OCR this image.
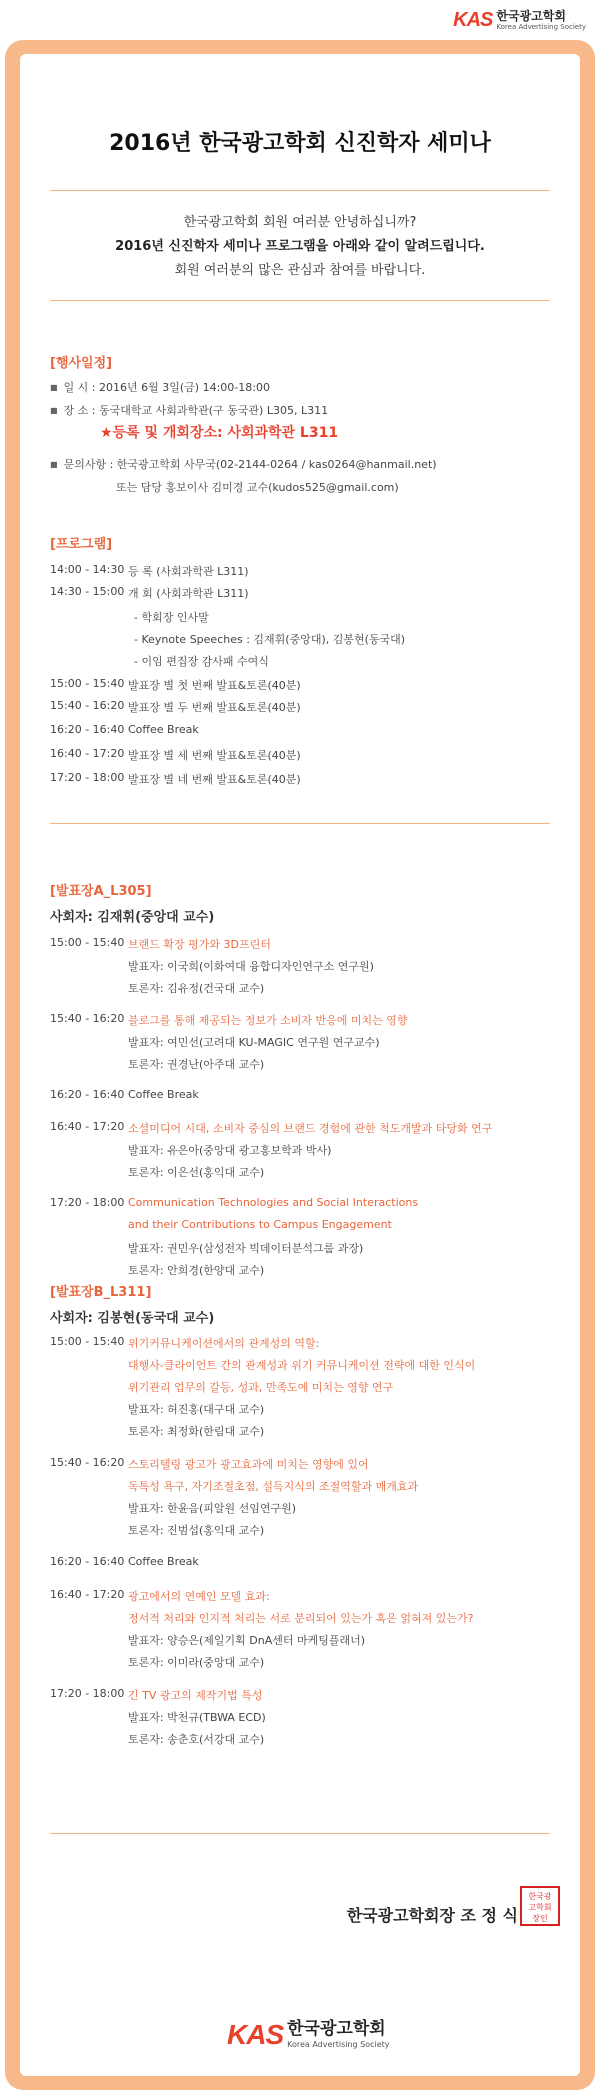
KAS 한국광고학회
Korea Advertising Society
2016년 한국광고학회 신진학자 세미나
한국광고학회 회원 여러분 안녕하십니까?
2016년 신진학자 세미나 프로그램을 아래와 같이 알려드립니다.
회원 여러분의 많은 관심과 참여를 바랍니다.
[행사일정]
■ 일 시 : 2016년 6월 3일(금) 14:00-18:00
■ 장 소 : 동국대학교 사회과학관(구 동국관) L305, L311
★등록 및 개회장소: 사회과학관 L311
■ 문의사항 : 한국광고학회 사무국(02-2144-0264 / kas0264@hanmail.net)
또는 담당 홍보이사 김미경 교수(kudos525@gmail.com)
[프로그램]
14:00 - 14:30 등 록 (사회과학관 L311)
14:30 - 15:00 개 회 (사회과학관 L311)
- 학회장 인사말
- Keynote Speeches : 김재휘(중앙대), 김봉현(동국대)
- 이임 편집장 감사패 수여식
15:00 - 15:40 발표장 별 첫 번째 발표&토론(40분)
15:40 - 16:20 발표장 별 두 번째 발표&토론(40분)
16:20 - 16:40 Coffee Break
16:40 - 17:20 발표장 별 세 번째 발표&토론(40분)
17:20 - 18:00 발표장 별 네 번째 발표&토론(40분)
[발표장A_L305]
사회자: 김재휘(중앙대 교수)
15:00 - 15:40 브랜드 확장 평가와 3D프린터
발표자: 이국희(이화여대 융합디자인연구소 연구원)
토론자: 김유정(건국대 교수)
15:40 - 16:20 블로그를 통해 제공되는 정보가 소비자 반응에 미치는 영향
발표자: 여민선(고려대 KU-MAGIC 연구원 연구교수)
토론자: 권경난(아주대 교수)
16:20 - 16:40 Coffee Break
16:40 - 17:20 소셜미디어 시대, 소비자 중심의 브랜드 경험에 관한 척도개발과 타당화 연구
발표자: 유은아(중앙대 광고홍보학과 박사)
토론자: 이은선(홍익대 교수)
17:20 - 18:00 Communication Technologies and Social Interactions
and their Contributions to Campus Engagement
발표자: 권민우(삼성전자 빅데이터분석그룹 과장)
토론자: 안희경(한양대 교수)
[발표장B_L311]
사회자: 김봉현(동국대 교수)
15:00 - 15:40 위기커뮤니케이션에서의 관계성의 역할:
대행사-클라이언트 간의 관계성과 위기 커뮤니케이션 전략에 대한 인식이
위기관리 업무의 갈등, 성과, 만족도에 미치는 영향 연구
발표자: 허진홍(대구대 교수)
토론자: 최정화(한림대 교수)
15:40 - 16:20 스토리텔링 광고가 광고효과에 미치는 영향에 있어
독특성 욕구, 자기조절초점, 설득지식의 조절역할과 매개효과
발표자: 한윤음(피알원 선임연구원)
토론자: 진범섭(홍익대 교수)
16:20 - 16:40 Coffee Break
16:40 - 17:20 광고에서의 연예인 모델 효과:
정서적 처리와 인지적 처리는 서로 분리되어 있는가 혹은 얽혀져 있는가?
발표자: 양승은(제일기획 DnA센터 마케팅플래너)
토론자: 이미라(중앙대 교수)
17:20 - 18:00 긴 TV 광고의 제작기법 특성
발표자: 박천규(TBWA ECD)
토론자: 송춘호(서강대 교수)
한국광고학회장 조 정 식
한국광
고학회
장인
KAS 한국광고학회
Korea Advertising Society
